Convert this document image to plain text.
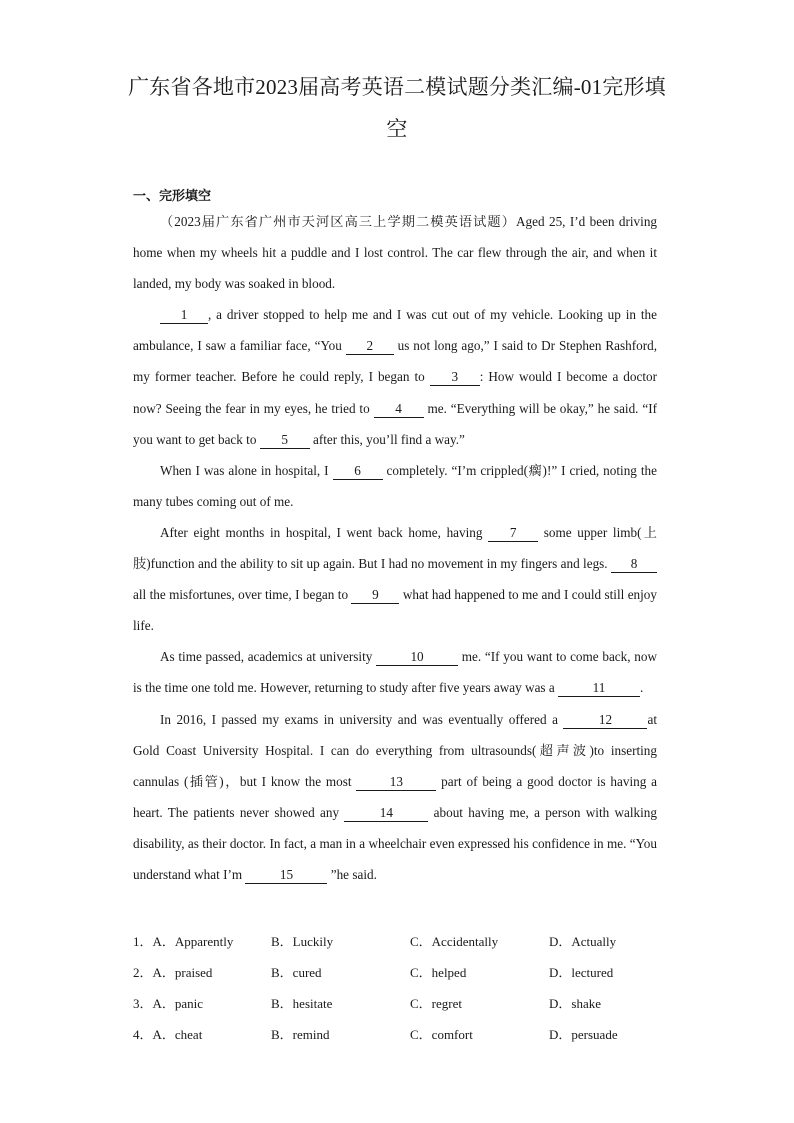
广东省各地市2023届高考英语二模试题分类汇编-01完形填
空
一、完形填空

（2023届广东省广州市天河区高三上学期二模英语试题）Aged 25, I’d been driving home when my wheels hit a puddle and I lost control. The car flew through the air, and when it landed, my body was soaked in blood.

1 , a driver stopped to help me and I was cut out of my vehicle. Looking up in the ambulance, I saw a familiar face, “You 2 us not long ago,” I said to Dr Stephen Rashford, my former teacher. Before he could reply, I began to 3 : How would I become a doctor now? Seeing the fear in my eyes, he tried to 4 me. “Everything will be okay,” he said. “If you want to get back to 5 after this, you’ll find a way.”

When I was alone in hospital, I 6 completely. “I’m crippled(瘸)!” I cried, noting the many tubes coming out of me.

After eight months in hospital, I went back home, having 7 some upper limb(上肢)function and the ability to sit up again. But I had no movement in my fingers and legs. 8 all the misfortunes, over time, I began to 9 what had happened to me and I could still enjoy life.

As time passed, academics at university	10	me. “If you want to come back, now is the time one told me. However, returning to study after five years away was a	11	.

In 2016, I passed my exams in university and was eventually offered a	12	at Gold Coast University Hospital. I can do everything from ultrasounds(超声波)to inserting cannulas (插管)，but I know the most	13	part of being a good doctor is having a heart. The patients never showed any	14	about having me, a person with walking disability, as their doctor. In fact, a man in a wheelchair even expressed his confidence in me. “You understand what I’m	15	”he said.

1．A．Apparently	B．Luckily	C．Accidentally	D．Actually
2．A．praised	B．cured	C．helped	D．lectured
3．A．panic	B．hesitate	C．regret	D．shake
4．A．cheat	B．remind	C．comfort	D．persuade
